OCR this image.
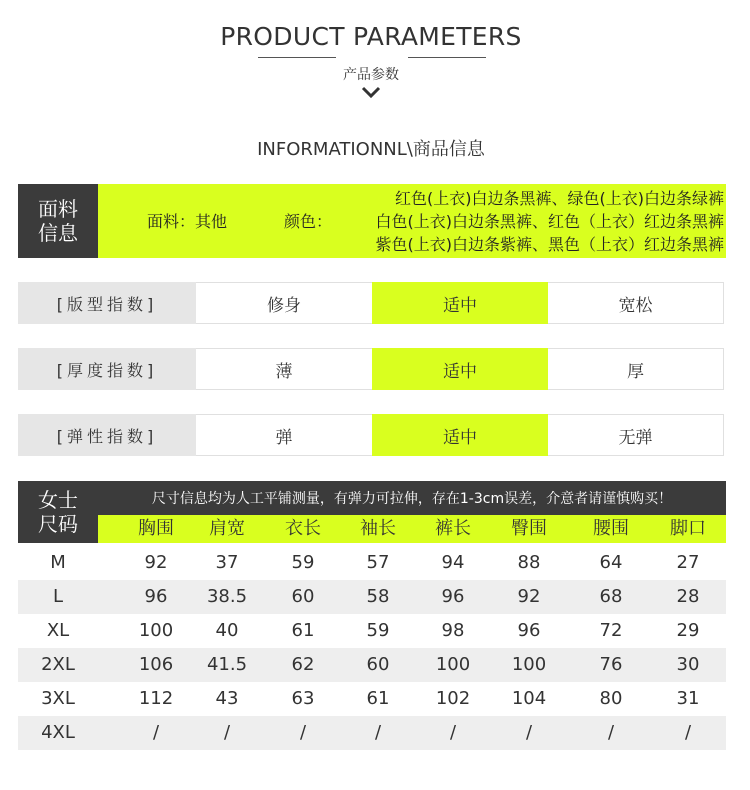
PRODUCT PARAMETERS
产品参数
INFORMATIONNL\商品信息
面料信息	面料：其他	颜色：
红色(上衣)白边条黑裤、绿色(上衣)白边条绿裤
白色(上衣)白边条黑裤、红色（上衣）红边条黑裤
紫色(上衣)白边条紫裤、黑色（上衣）红边条黑裤
[版型指数]	修身	适中	宽松
[厚度指数]	薄	适中	厚
[弹性指数]	弹	适中	无弹
女士尺码
尺寸信息均为人工平铺测量，有弹力可拉伸，存在1-3cm误差，介意者请谨慎购买！
胸围 肩宽 衣长 袖长 裤长 臀围	腰围 脚口
M	92	37	59	57	94	88	64	27
L	96 38.5 60	58	96	92	68	28
XL	100 40	61	59	98	96	72	29
2XL	106 41.5 62	60	100 100	76	30
3XL	112 43	63	61	102 104	80	31
4XL	/	/	/	/	/	/	/	/
